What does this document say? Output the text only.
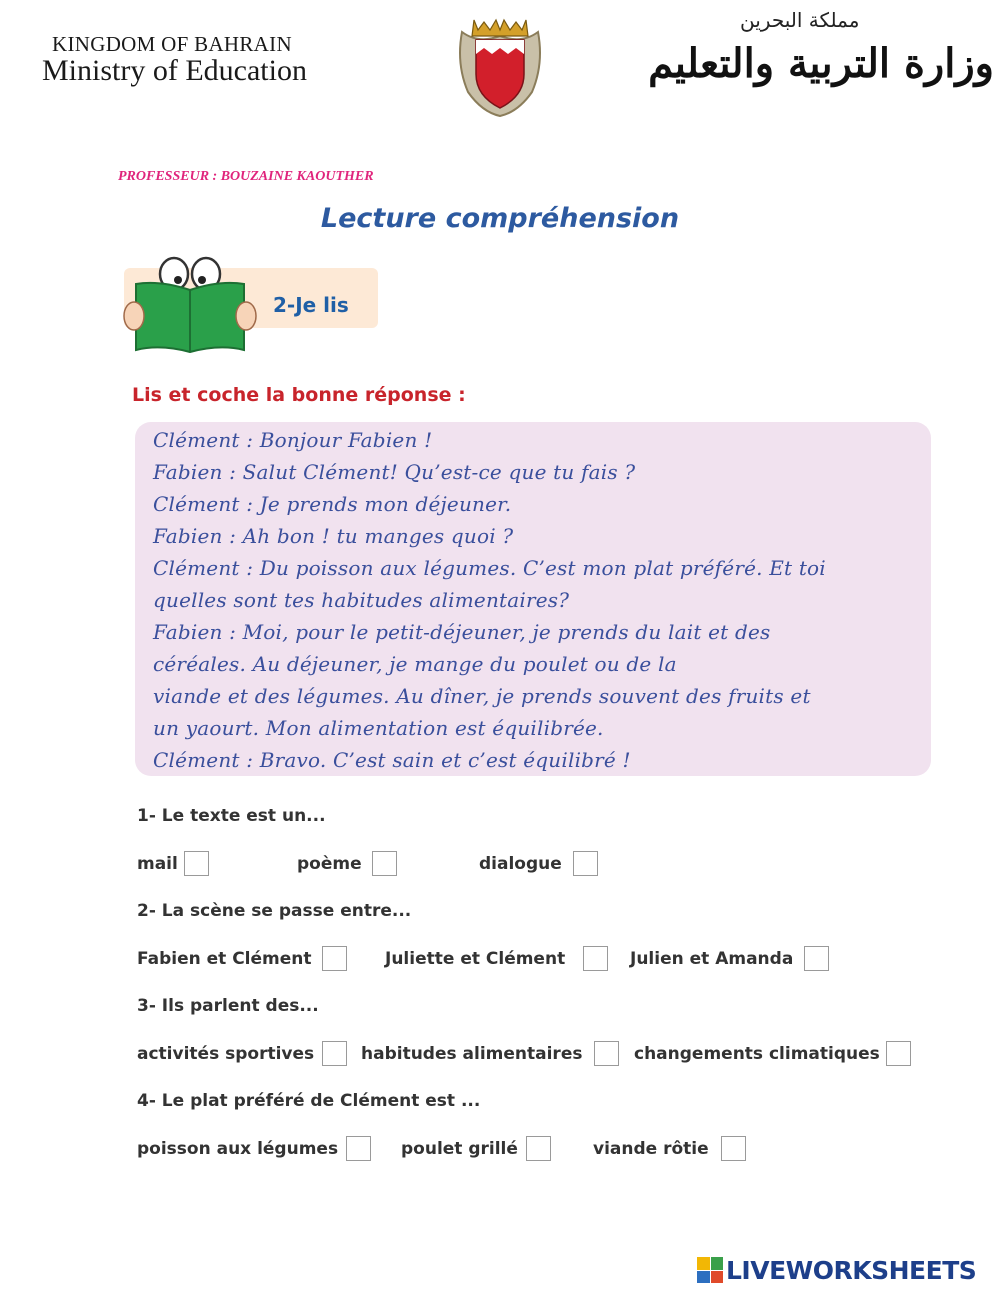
KINGDOM OF BAHRAIN
Ministry of Education
مملكة البحرين
وزارة التربية والتعليم
PROFESSEUR : BOUZAINE KAOUTHER
Lecture compréhension
2-Je lis
Lis et coche la bonne réponse :
Clément : Bonjour Fabien !
Fabien : Salut Clément! Qu’est-ce que tu fais ?
Clément : Je prends mon déjeuner.
Fabien : Ah bon ! tu manges quoi ?
Clément : Du poisson aux légumes. C’est mon plat préféré. Et toi
quelles sont tes habitudes alimentaires?
Fabien : Moi, pour le petit-déjeuner, je prends du lait et des
céréales. Au déjeuner, je mange du poulet ou de la
viande et des légumes. Au dîner, je prends souvent des fruits et
un yaourt. Mon alimentation est équilibrée.
Clément : Bravo. C’est sain et c’est équilibré !
1- Le texte est un...
mail	poème	dialogue
2- La scène se passe entre...
Fabien et Clément	Juliette et Clément	Julien et Amanda
3- Ils parlent des...
activités sportives	habitudes alimentaires	changements climatiques
4- Le plat préféré de Clément est ...
poisson aux légumes	poulet grillé	viande rôtie
LIVEWORKSHEETS
